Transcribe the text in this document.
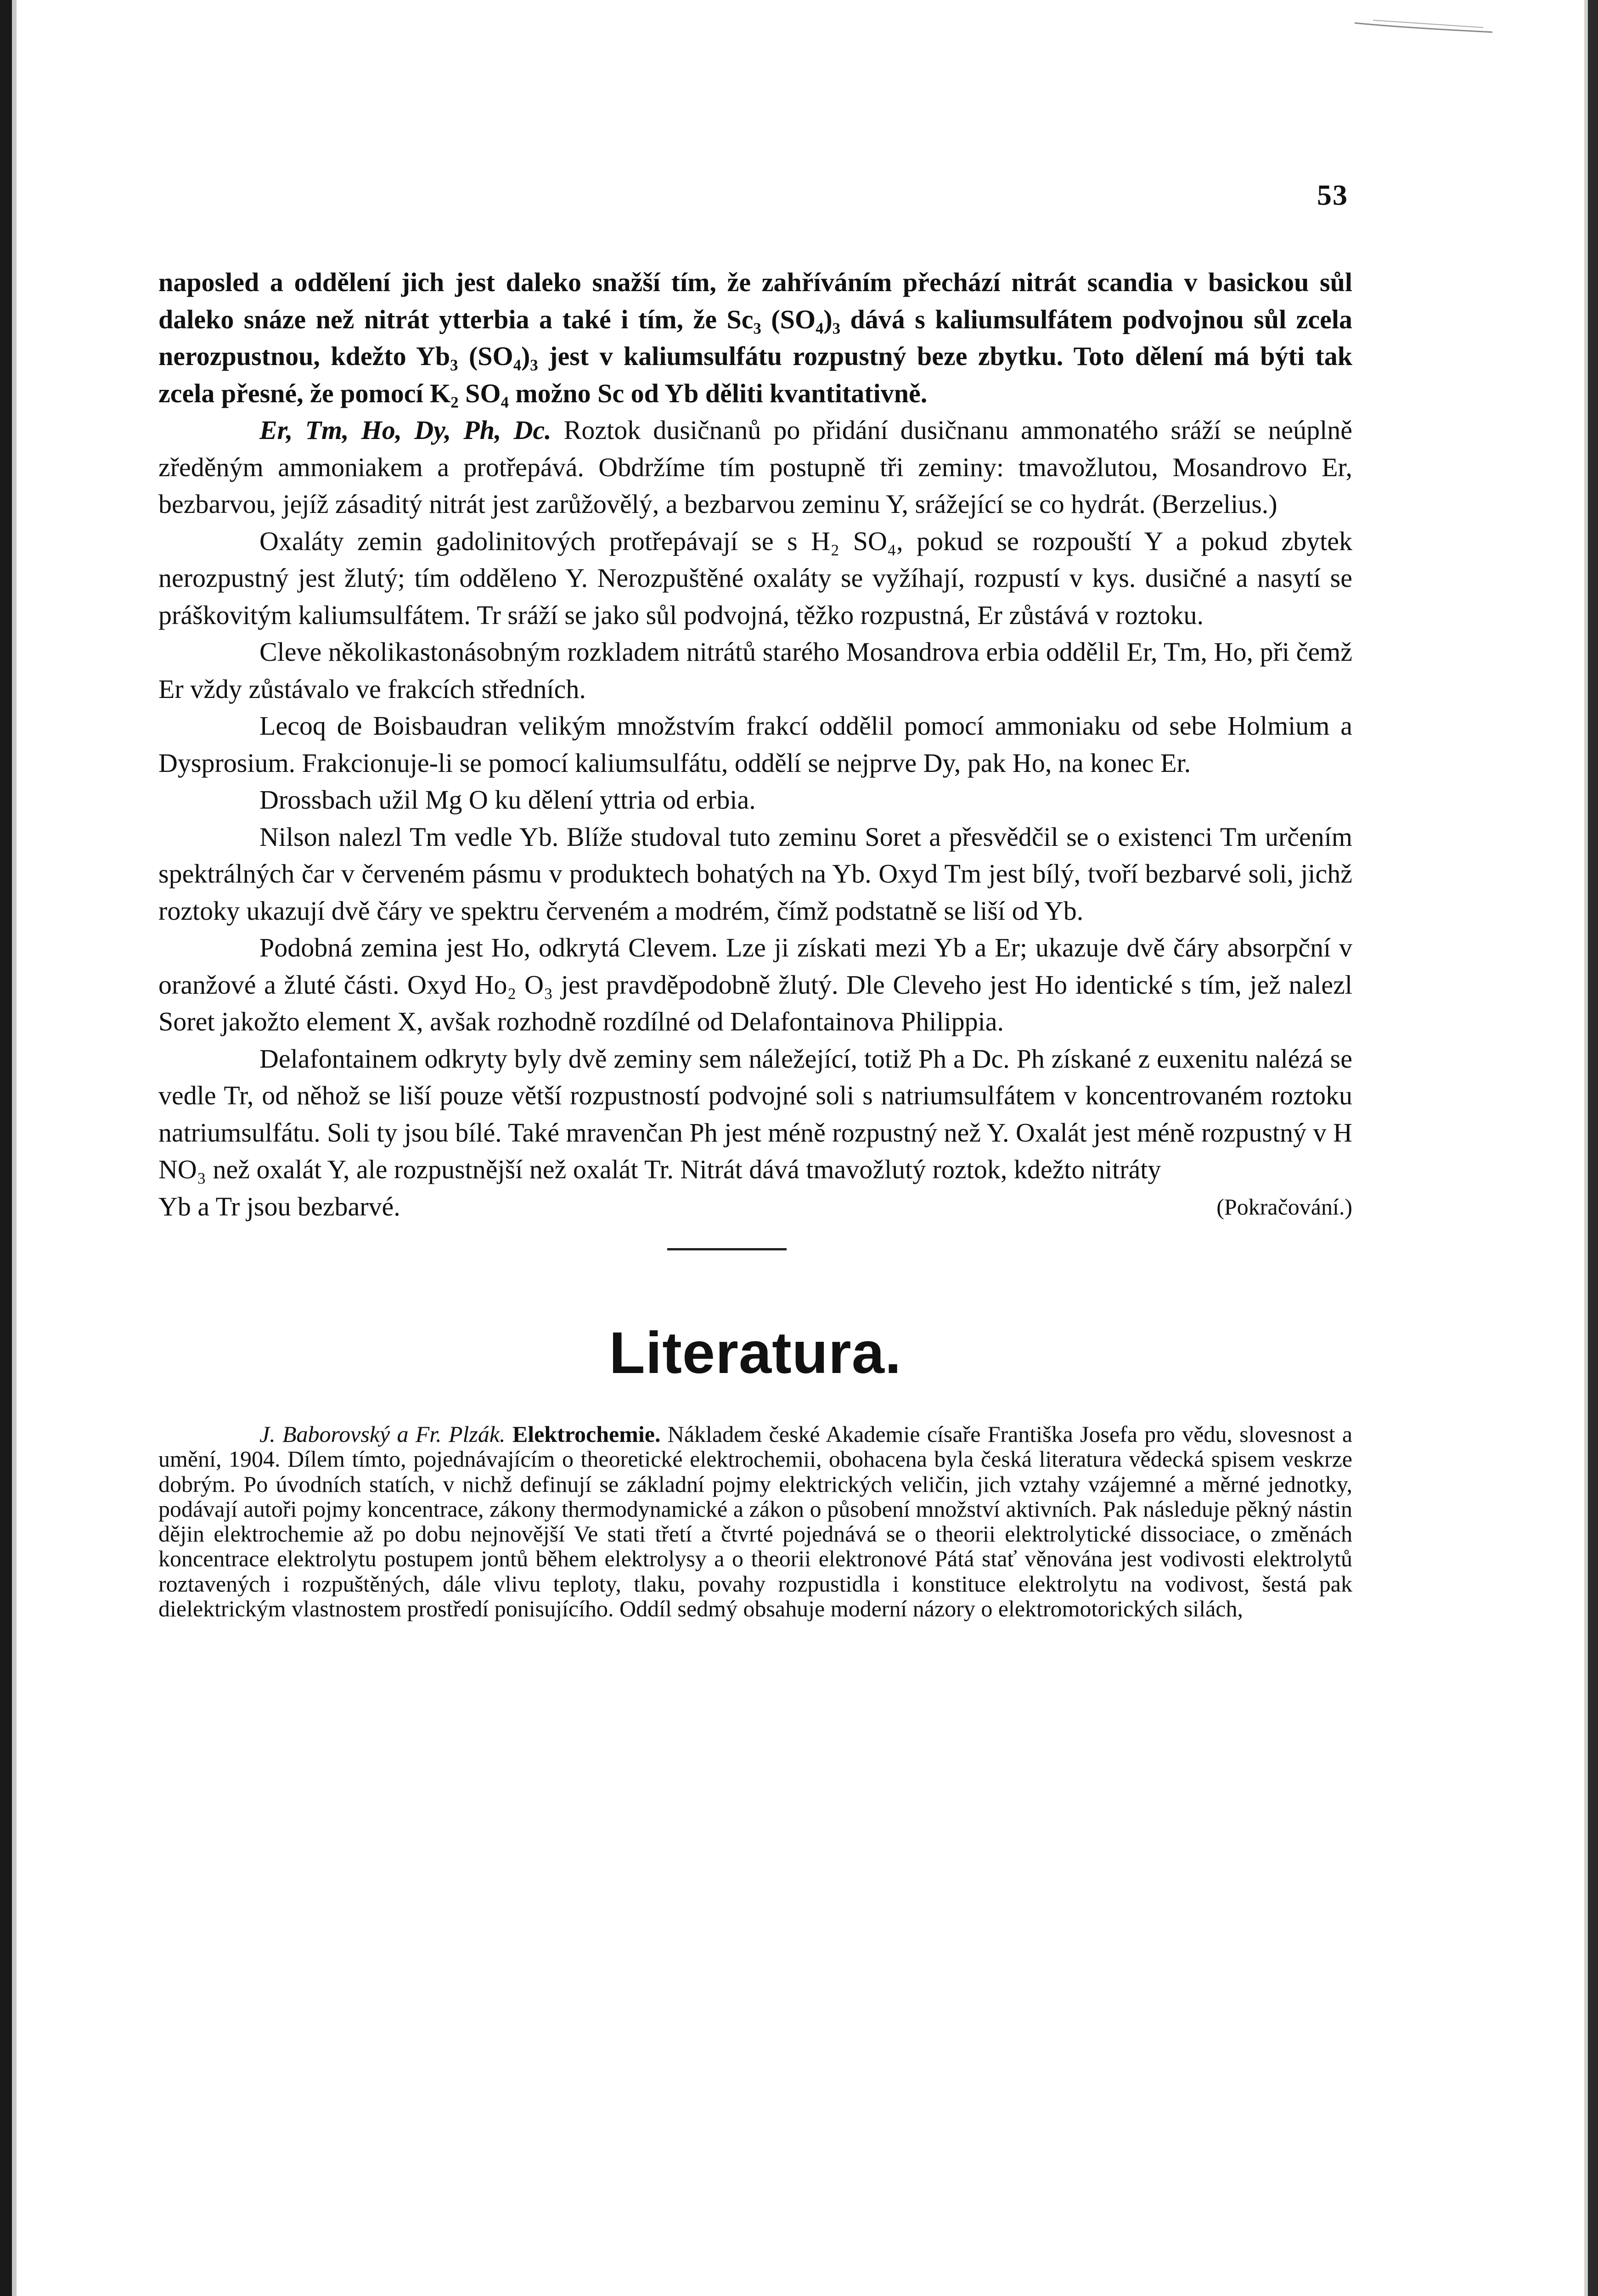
53

naposled a oddělení jich jest daleko snažší tím, že zahříváním přechází nitrát scandia v basickou sůl daleko snáze než nitrát ytterbia a také i tím, že Sc₃ (SO₄)₃ dává s kaliumsulfátem podvojnou sůl zcela nerozpustnou, kdežto Yb₃ (SO₄)₃ jest v kaliumsulfátu rozpustný beze zbytku. Toto dělení má býti tak zcela přesné, že pomocí K₂ SO₄ možno Sc od Yb děliti kvantitativně.

Er, Tm, Ho, Dy, Ph, Dc. Roztok dusičnanů po přidání dusičnanu ammonatého sráží se neúplně zředěným ammoniakem a protřepává. Obdržíme tím postupně tři zeminy: tmavožlutou, Mosandrovo Er, bezbarvou, jejíž zásaditý nitrát jest zarůžovělý, a bezbarvou zeminu Y, srážející se co hydrát. (Berzelius.)

Oxaláty zemin gadolinitových protřepávají se s H₂ SO₄, pokud se rozpouští Y a pokud zbytek nerozpustný jest žlutý; tím odděleno Y. Nerozpuštěné oxaláty se vyžíhají, rozpustí v kys. dusičné a nasytí se práškovitým kaliumsulfátem. Tr sráží se jako sůl podvojná, těžko rozpustná, Er zůstává v roztoku.

Cleve několikastonásobným rozkladem nitrátů starého Mosandrova erbia oddělil Er, Tm, Ho, při čemž Er vždy zůstávalo ve frakcích středních.

Lecoq de Boisbaudran velikým množstvím frakcí oddělil pomocí ammoniaku od sebe Holmium a Dysprosium. Frakcionuje-li se pomocí kaliumsulfátu, oddělí se nejprve Dy, pak Ho, na konec Er.

Drossbach užil Mg O ku dělení yttria od erbia.

Nilson nalezl Tm vedle Yb. Blíže studoval tuto zeminu Soret a přesvědčil se o existenci Tm určením spektrálných čar v červeném pásmu v produktech bohatých na Yb. Oxyd Tm jest bílý, tvoří bezbarvé soli, jichž roztoky ukazují dvě čáry ve spektru červeném a modrém, čímž podstatně se liší od Yb.

Podobná zemina jest Ho, odkrytá Clevem. Lze ji získati mezi Yb a Er; ukazuje dvě čáry absorpční v oranžové a žluté části. Oxyd Ho₂ O₃ jest pravděpodobně žlutý. Dle Cleveho jest Ho identické s tím, jež nalezl Soret jakožto element X, avšak rozhodně rozdílné od Delafontainova Philippia.

Delafontainem odkryty byly dvě zeminy sem náležející, totiž Ph a Dc. Ph získané z euxenitu nalézá se vedle Tr, od něhož se liší pouze větší rozpustností podvojné soli s natriumsulfátem v koncentrovaném roztoku natriumsulfátu. Soli ty jsou bílé. Také mravenčan Ph jest méně rozpustný než Y. Oxalát jest méně rozpustný v H NO₃ než oxalát Y, ale rozpustnější než oxalát Tr. Nitrát dává tmavožlutý roztok, kdežto nitráty

Yb a Tr jsou bezbarvé.	(Pokračování.)
Literatura.

J. Baborovský a Fr. Plzák. Elektrochemie. Nákladem české Akademie císaře Františka Josefa pro vědu, slovesnost a umění, 1904. Dílem tímto, pojednávajícím o theoretické elektrochemii, obohacena byla česká literatura vědecká spisem veskrze dobrým. Po úvodních statích, v nichž definují se základní pojmy elektrických veličin, jich vztahy vzájemné a měrné jednotky, podávají autoři pojmy koncentrace, zákony thermodynamické a zákon o působení množství aktivních. Pak následuje pěkný nástin dějin elektrochemie až po dobu nejnovější Ve stati třetí a čtvrté pojednává se o theorii elektrolytické dissociace, o změnách koncentrace elektrolytu postupem jontů během elektrolysy a o theorii elektronové Pátá stať věnována jest vodivosti elektrolytů roztavených i rozpuštěných, dále vlivu teploty, tlaku, povahy rozpustidla i konstituce elektrolytu na vodivost, šestá pak dielektrickým vlastnostem prostředí ponisujícího. Oddíl sedmý obsahuje moderní názory o elektromotorických silách,
